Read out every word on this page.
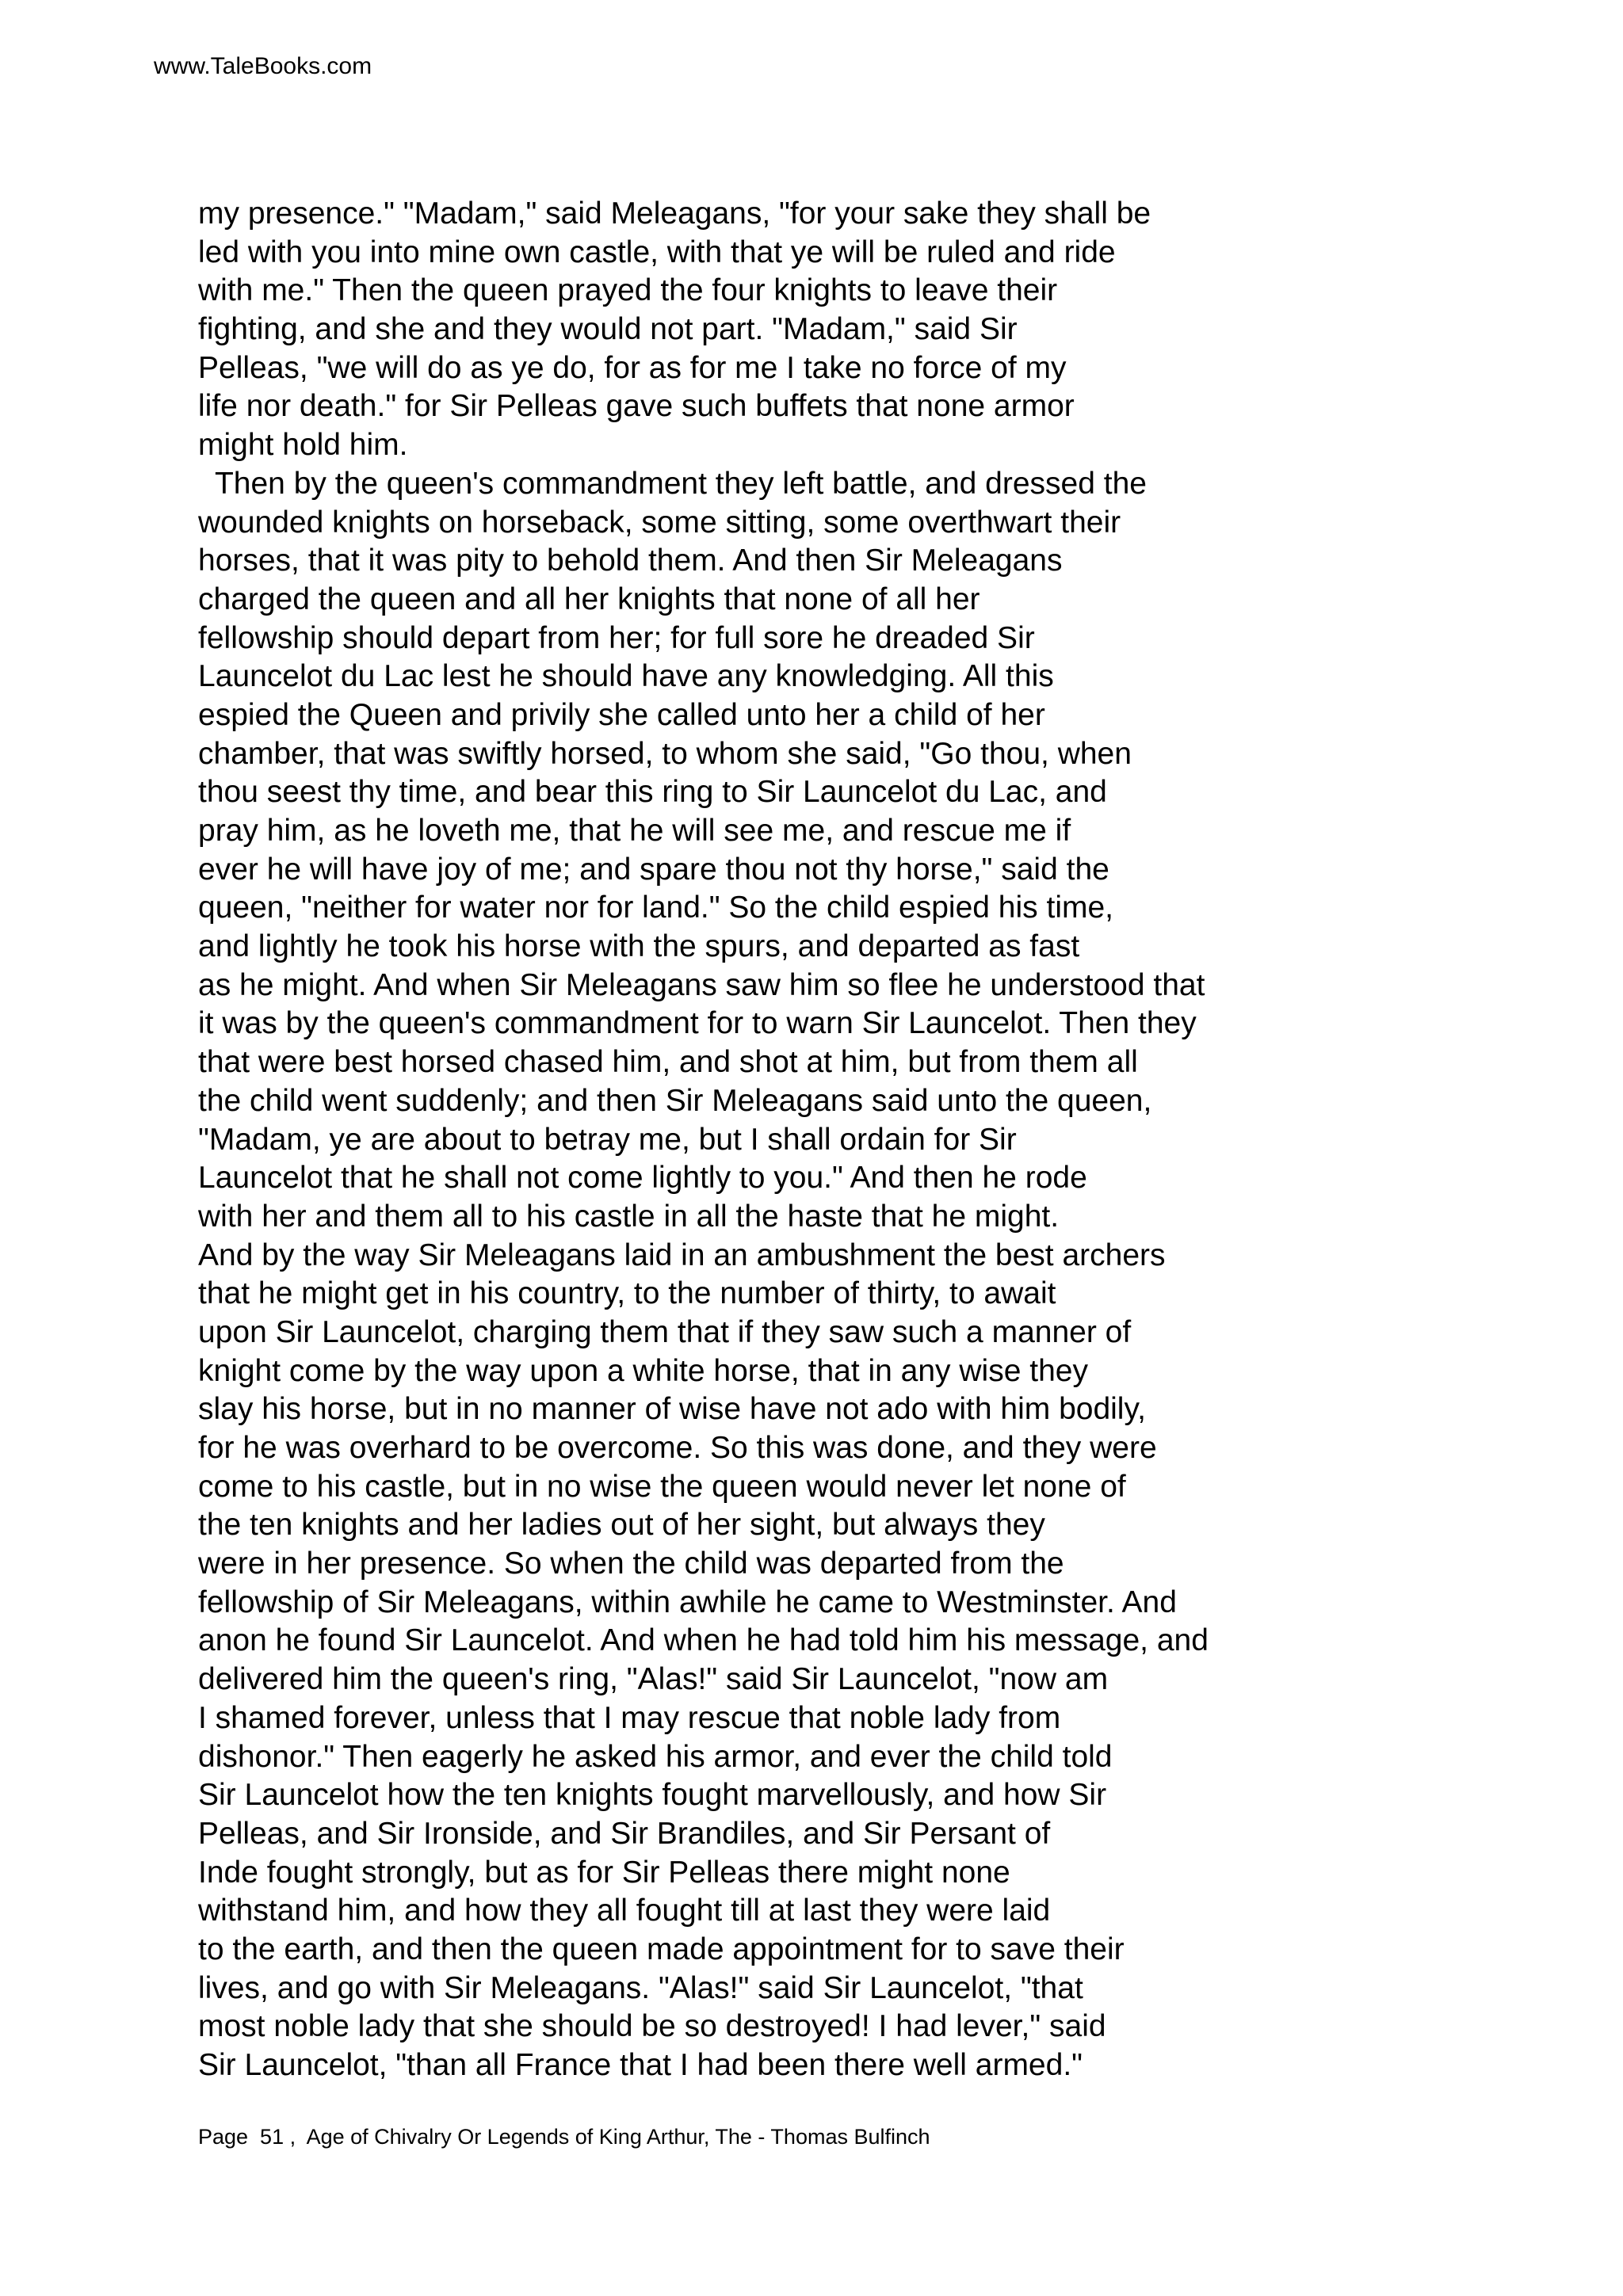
www.TaleBooks.com
my presence." "Madam," said Meleagans, "for your sake they shall be
led with you into mine own castle, with that ye will be ruled and ride
with me." Then the queen prayed the four knights to leave their
fighting, and she and they would not part. "Madam," said Sir
Pelleas, "we will do as ye do, for as for me I take no force of my
life nor death." for Sir Pelleas gave such buffets that none armor
might hold him.
Then by the queen's commandment they left battle, and dressed the
wounded knights on horseback, some sitting, some overthwart their
horses, that it was pity to behold them. And then Sir Meleagans
charged the queen and all her knights that none of all her
fellowship should depart from her; for full sore he dreaded Sir
Launcelot du Lac lest he should have any knowledging. All this
espied the Queen and privily she called unto her a child of her
chamber, that was swiftly horsed, to whom she said, "Go thou, when
thou seest thy time, and bear this ring to Sir Launcelot du Lac, and
pray him, as he loveth me, that he will see me, and rescue me if
ever he will have joy of me; and spare thou not thy horse," said the
queen, "neither for water nor for land." So the child espied his time,
and lightly he took his horse with the spurs, and departed as fast
as he might. And when Sir Meleagans saw him so flee he understood that
it was by the queen's commandment for to warn Sir Launcelot. Then they
that were best horsed chased him, and shot at him, but from them all
the child went suddenly; and then Sir Meleagans said unto the queen,
"Madam, ye are about to betray me, but I shall ordain for Sir
Launcelot that he shall not come lightly to you." And then he rode
with her and them all to his castle in all the haste that he might.
And by the way Sir Meleagans laid in an ambushment the best archers
that he might get in his country, to the number of thirty, to await
upon Sir Launcelot, charging them that if they saw such a manner of
knight come by the way upon a white horse, that in any wise they
slay his horse, but in no manner of wise have not ado with him bodily,
for he was overhard to be overcome. So this was done, and they were
come to his castle, but in no wise the queen would never let none of
the ten knights and her ladies out of her sight, but always they
were in her presence. So when the child was departed from the
fellowship of Sir Meleagans, within awhile he came to Westminster. And
anon he found Sir Launcelot. And when he had told him his message, and
delivered him the queen's ring, "Alas!" said Sir Launcelot, "now am
I shamed forever, unless that I may rescue that noble lady from
dishonor." Then eagerly he asked his armor, and ever the child told
Sir Launcelot how the ten knights fought marvellously, and how Sir
Pelleas, and Sir Ironside, and Sir Brandiles, and Sir Persant of
Inde fought strongly, but as for Sir Pelleas there might none
withstand him, and how they all fought till at last they were laid
to the earth, and then the queen made appointment for to save their
lives, and go with Sir Meleagans. "Alas!" said Sir Launcelot, "that
most noble lady that she should be so destroyed! I had lever," said
Sir Launcelot, "than all France that I had been there well armed."
Page  51 ,  Age of Chivalry Or Legends of King Arthur, The - Thomas Bulfinch
